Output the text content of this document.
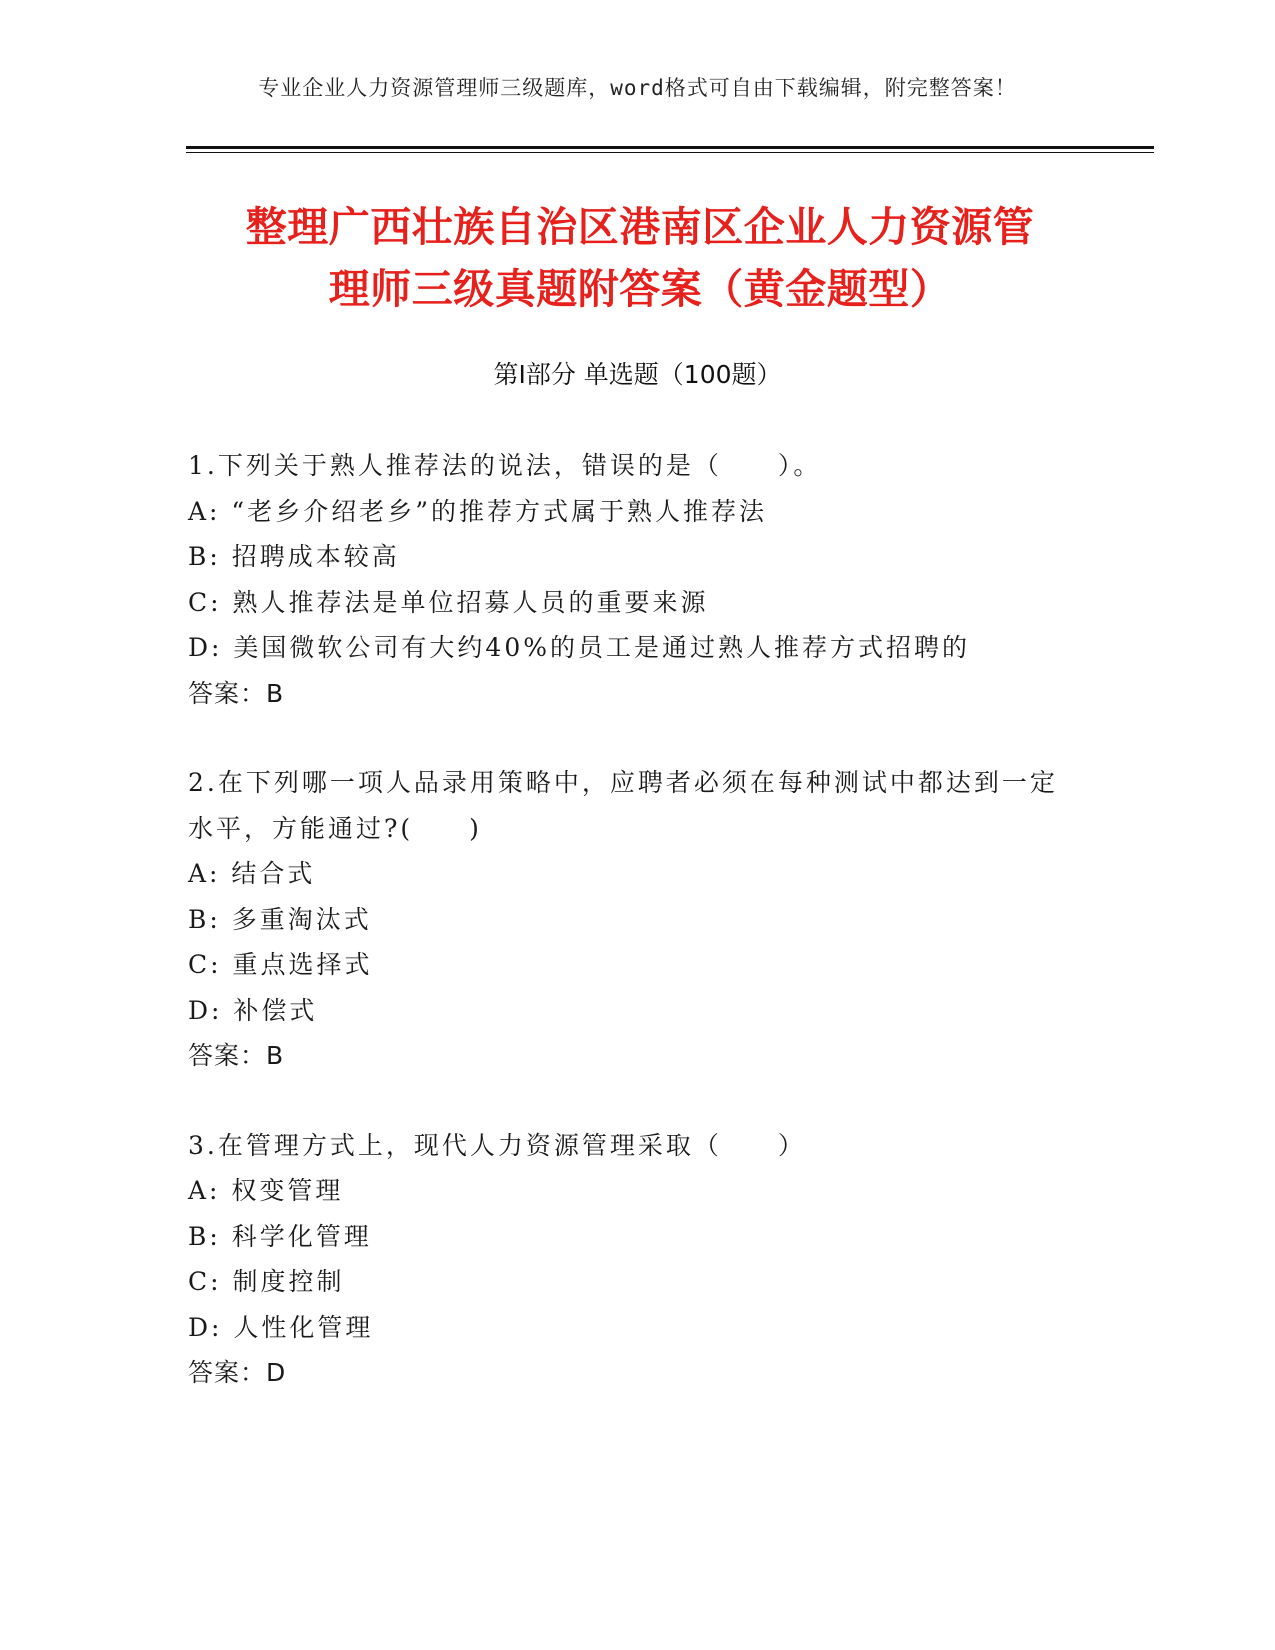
专业企业人力资源管理师三级题库，word格式可自由下载编辑，附完整答案！
整理广西壮族自治区港南区企业人力资源管
理师三级真题附答案（黄金题型）
第Ⅰ部分 单选题（100题）
1.下列关于熟人推荐法的说法，错误的是（　　）。
A: “老乡介绍老乡”的推荐方式属于熟人推荐法
B: 招聘成本较高
C: 熟人推荐法是单位招募人员的重要来源
D: 美国微软公司有大约40%的员工是通过熟人推荐方式招聘的
答案：B
2.在下列哪一项人品录用策略中，应聘者必须在每种测试中都达到一定水平，方能通过?(　　)
A: 结合式
B: 多重淘汰式
C: 重点选择式
D: 补偿式
答案：B
3.在管理方式上，现代人力资源管理采取（　　）
A: 权变管理
B: 科学化管理
C: 制度控制
D: 人性化管理
答案：D
